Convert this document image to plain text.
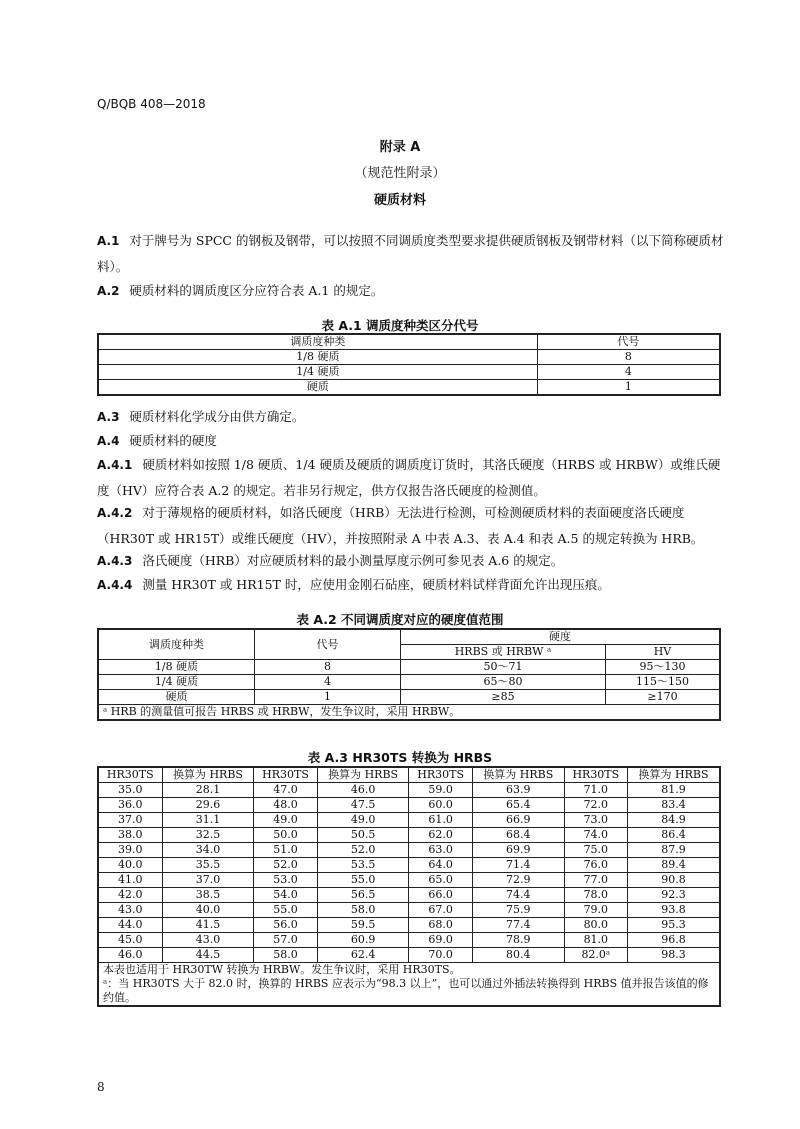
Q/BQB 408—2018
附录 A
（规范性附录）
硬质材料
A.1 对于牌号为 SPCC 的钢板及钢带，可以按照不同调质度类型要求提供硬质钢板及钢带材料（以下简称硬质材料）。
A.2 硬质材料的调质度区分应符合表 A.1 的规定。
表 A.1 调质度种类区分代号
调质度种类	代号
1/8 硬质	8
1/4 硬质	4
硬质	1
A.3 硬质材料化学成分由供方确定。
A.4 硬质材料的硬度
A.4.1 硬质材料如按照 1/8 硬质、1/4 硬质及硬质的调质度订货时，其洛氏硬度（HRBS 或 HRBW）或维氏硬度（HV）应符合表 A.2 的规定。若非另行规定，供方仅报告洛氏硬度的检测值。
A.4.2 对于薄规格的硬质材料，如洛氏硬度（HRB）无法进行检测，可检测硬质材料的表面硬度洛氏硬度（HR30T 或 HR15T）或维氏硬度（HV），并按照附录 A 中表 A.3、表 A.4 和表 A.5 的规定转换为 HRB。
A.4.3 洛氏硬度（HRB）对应硬质材料的最小测量厚度示例可参见表 A.6 的规定。
A.4.4 测量 HR30T 或 HR15T 时，应使用金刚石砧座，硬质材料试样背面允许出现压痕。
表 A.2 不同调质度对应的硬度值范围
调质度种类	代号	硬度	
		HRBS 或 HRBW ᵃ	HV
1/8 硬质	8	50～71	95～130
1/4 硬质	4	65～80	115～150
硬质	1	≥85	≥170
ᵃ HRB 的测量值可报告 HRBS 或 HRBW，发生争议时，采用 HRBW。			
表 A.3 HR30TS 转换为 HRBS
HR30TS	换算为 HRBS	HR30TS	换算为 HRBS	HR30TS	换算为 HRBS	HR30TS	换算为 HRBS
35.0	28.1	47.0	46.0	59.0	63.9	71.0	81.9
36.0	29.6	48.0	47.5	60.0	65.4	72.0	83.4
37.0	31.1	49.0	49.0	61.0	66.9	73.0	84.9
38.0	32.5	50.0	50.5	62.0	68.4	74.0	86.4
39.0	34.0	51.0	52.0	63.0	69.9	75.0	87.9
40.0	35.5	52.0	53.5	64.0	71.4	76.0	89.4
41.0	37.0	53.0	55.0	65.0	72.9	77.0	90.8
42.0	38.5	54.0	56.5	66.0	74.4	78.0	92.3
43.0	40.0	55.0	58.0	67.0	75.9	79.0	93.8
44.0	41.5	56.0	59.5	68.0	77.4	80.0	95.3
45.0	43.0	57.0	60.9	69.0	78.9	81.0	96.8
46.0	44.5	58.0	62.4	70.0	80.4	82.0ᵃ	98.3

本表也适用于 HR30TW 转换为 HRBW。发生争议时，采用 HR30TS。
ᵃ：当 HR30TS 大于 82.0 时，换算的 HRBS 应表示为“98.3 以上”，也可以通过外插法转换得到 HRBS 值并报告该值的修约值。							
8
